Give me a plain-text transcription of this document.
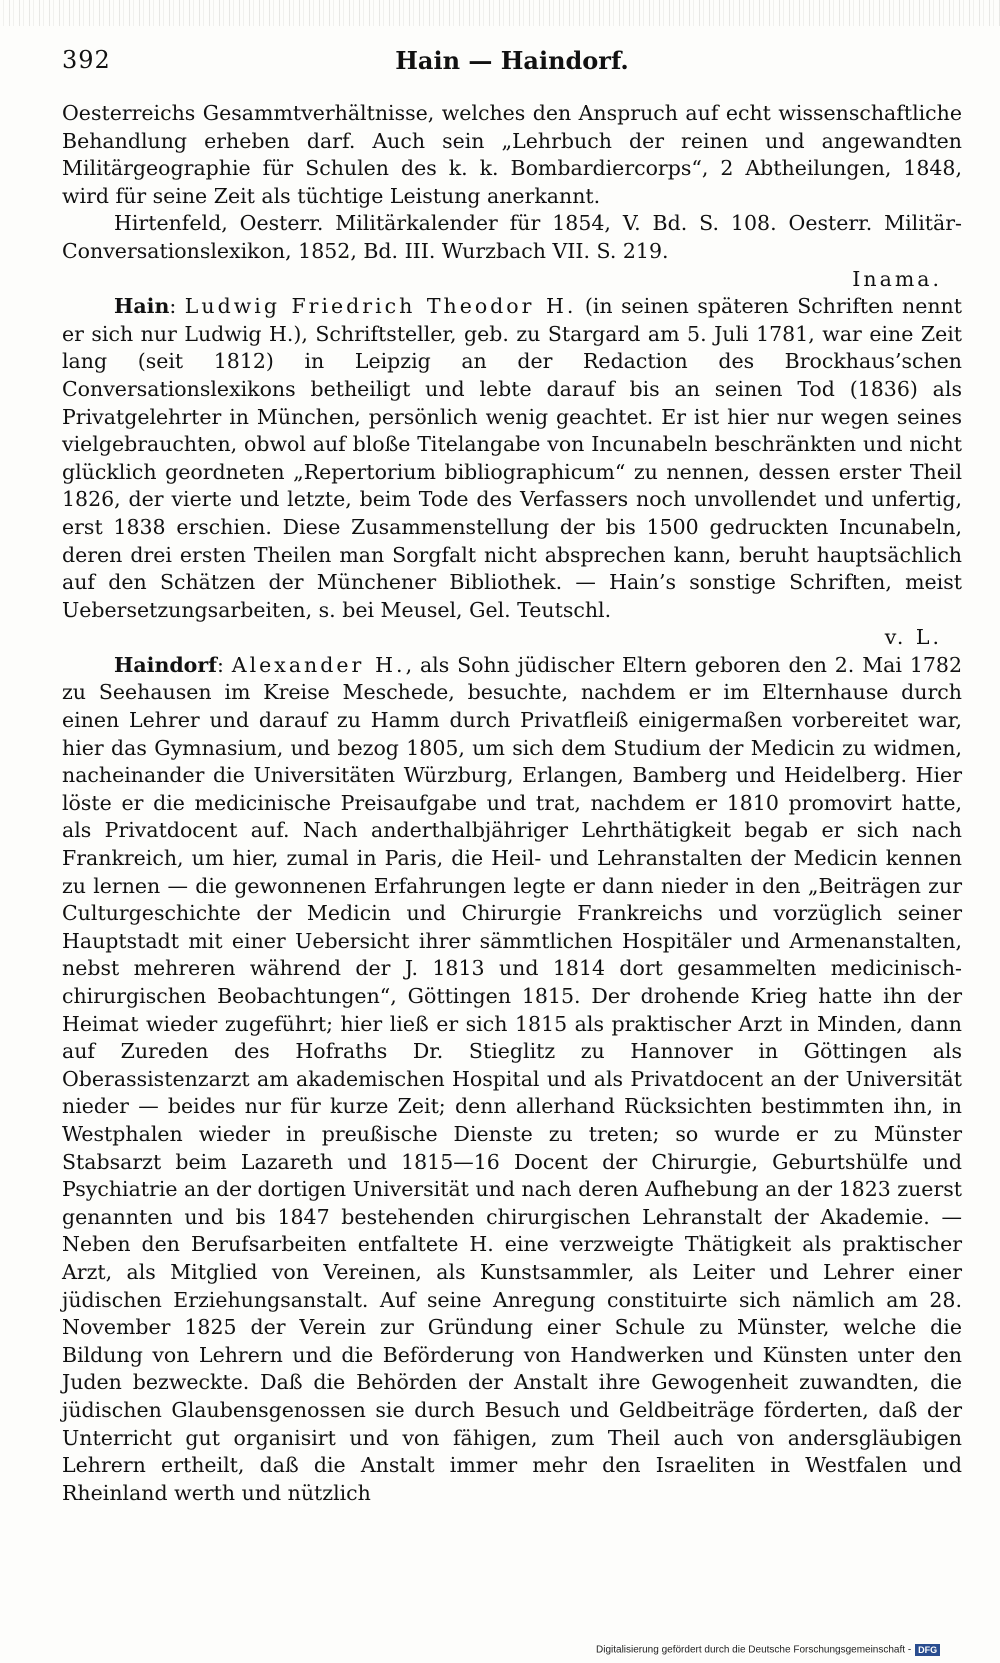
392	Hain — Haindorf.

Oesterreichs Gesammtverhältnisse, welches den Anspruch auf echt wissenschaftliche Behandlung erheben darf. Auch sein „Lehrbuch der reinen und angewandten Militärgeographie für Schulen des k. k. Bombardiercorps“, 2 Abtheilungen, 1848, wird für seine Zeit als tüchtige Leistung anerkannt.

Hirtenfeld, Oesterr. Militärkalender für 1854, V. Bd. S. 108. Oesterr. Militär-Conversationslexikon, 1852, Bd. III. Wurzbach VII. S. 219.

Inama.

Hain: Ludwig Friedrich Theodor H. (in seinen späteren Schriften nennt er sich nur Ludwig H.), Schriftsteller, geb. zu Stargard am 5. Juli 1781, war eine Zeit lang (seit 1812) in Leipzig an der Redaction des Brockhaus’schen Conversationslexikons betheiligt und lebte darauf bis an seinen Tod (1836) als Privatgelehrter in München, persönlich wenig geachtet. Er ist hier nur wegen seines vielgebrauchten, obwol auf bloße Titelangabe von Incunabeln beschränkten und nicht glücklich geordneten „Repertorium bibliographicum“ zu nennen, dessen erster Theil 1826, der vierte und letzte, beim Tode des Verfassers noch unvollendet und unfertig, erst 1838 erschien. Diese Zusammenstellung der bis 1500 gedruckten Incunabeln, deren drei ersten Theilen man Sorgfalt nicht absprechen kann, beruht hauptsächlich auf den Schätzen der Münchener Bibliothek. — Hain’s sonstige Schriften, meist Uebersetzungsarbeiten, s. bei Meusel, Gel. Teutschl.

v. L.

Haindorf: Alexander H., als Sohn jüdischer Eltern geboren den 2. Mai 1782 zu Seehausen im Kreise Meschede, besuchte, nachdem er im Elternhause durch einen Lehrer und darauf zu Hamm durch Privatfleiß einigermaßen vorbereitet war, hier das Gymnasium, und bezog 1805, um sich dem Studium der Medicin zu widmen, nacheinander die Universitäten Würzburg, Erlangen, Bamberg und Heidelberg. Hier löste er die medicinische Preisaufgabe und trat, nachdem er 1810 promovirt hatte, als Privatdocent auf. Nach anderthalbjähriger Lehrthätigkeit begab er sich nach Frankreich, um hier, zumal in Paris, die Heil- und Lehranstalten der Medicin kennen zu lernen — die gewonnenen Erfahrungen legte er dann nieder in den „Beiträgen zur Culturgeschichte der Medicin und Chirurgie Frankreichs und vorzüglich seiner Hauptstadt mit einer Uebersicht ihrer sämmtlichen Hospitäler und Armenanstalten, nebst mehreren während der J. 1813 und 1814 dort gesammelten medicinisch-chirurgischen Beobachtungen“, Göttingen 1815. Der drohende Krieg hatte ihn der Heimat wieder zugeführt; hier ließ er sich 1815 als praktischer Arzt in Minden, dann auf Zureden des Hofraths Dr. Stieglitz zu Hannover in Göttingen als Oberassistenzarzt am akademischen Hospital und als Privatdocent an der Universität nieder — beides nur für kurze Zeit; denn allerhand Rücksichten bestimmten ihn, in Westphalen wieder in preußische Dienste zu treten; so wurde er zu Münster Stabsarzt beim Lazareth und 1815—16 Docent der Chirurgie, Geburtshülfe und Psychiatrie an der dortigen Universität und nach deren Aufhebung an der 1823 zuerst genannten und bis 1847 bestehenden chirurgischen Lehranstalt der Akademie. — Neben den Berufsarbeiten entfaltete H. eine verzweigte Thätigkeit als praktischer Arzt, als Mitglied von Vereinen, als Kunstsammler, als Leiter und Lehrer einer jüdischen Erziehungsanstalt. Auf seine Anregung constituirte sich nämlich am 28. November 1825 der Verein zur Gründung einer Schule zu Münster, welche die Bildung von Lehrern und die Beförderung von Handwerken und Künsten unter den Juden bezweckte. Daß die Behörden der Anstalt ihre Gewogenheit zuwandten, die jüdischen Glaubensgenossen sie durch Besuch und Geldbeiträge förderten, daß der Unterricht gut organisirt und von fähigen, zum Theil auch von andersgläubigen Lehrern ertheilt, daß die Anstalt immer mehr den Israeliten in Westfalen und Rheinland werth und nützlich

Digitalisierung gefördert durch die Deutsche Forschungsgemeinschaft - DFG
